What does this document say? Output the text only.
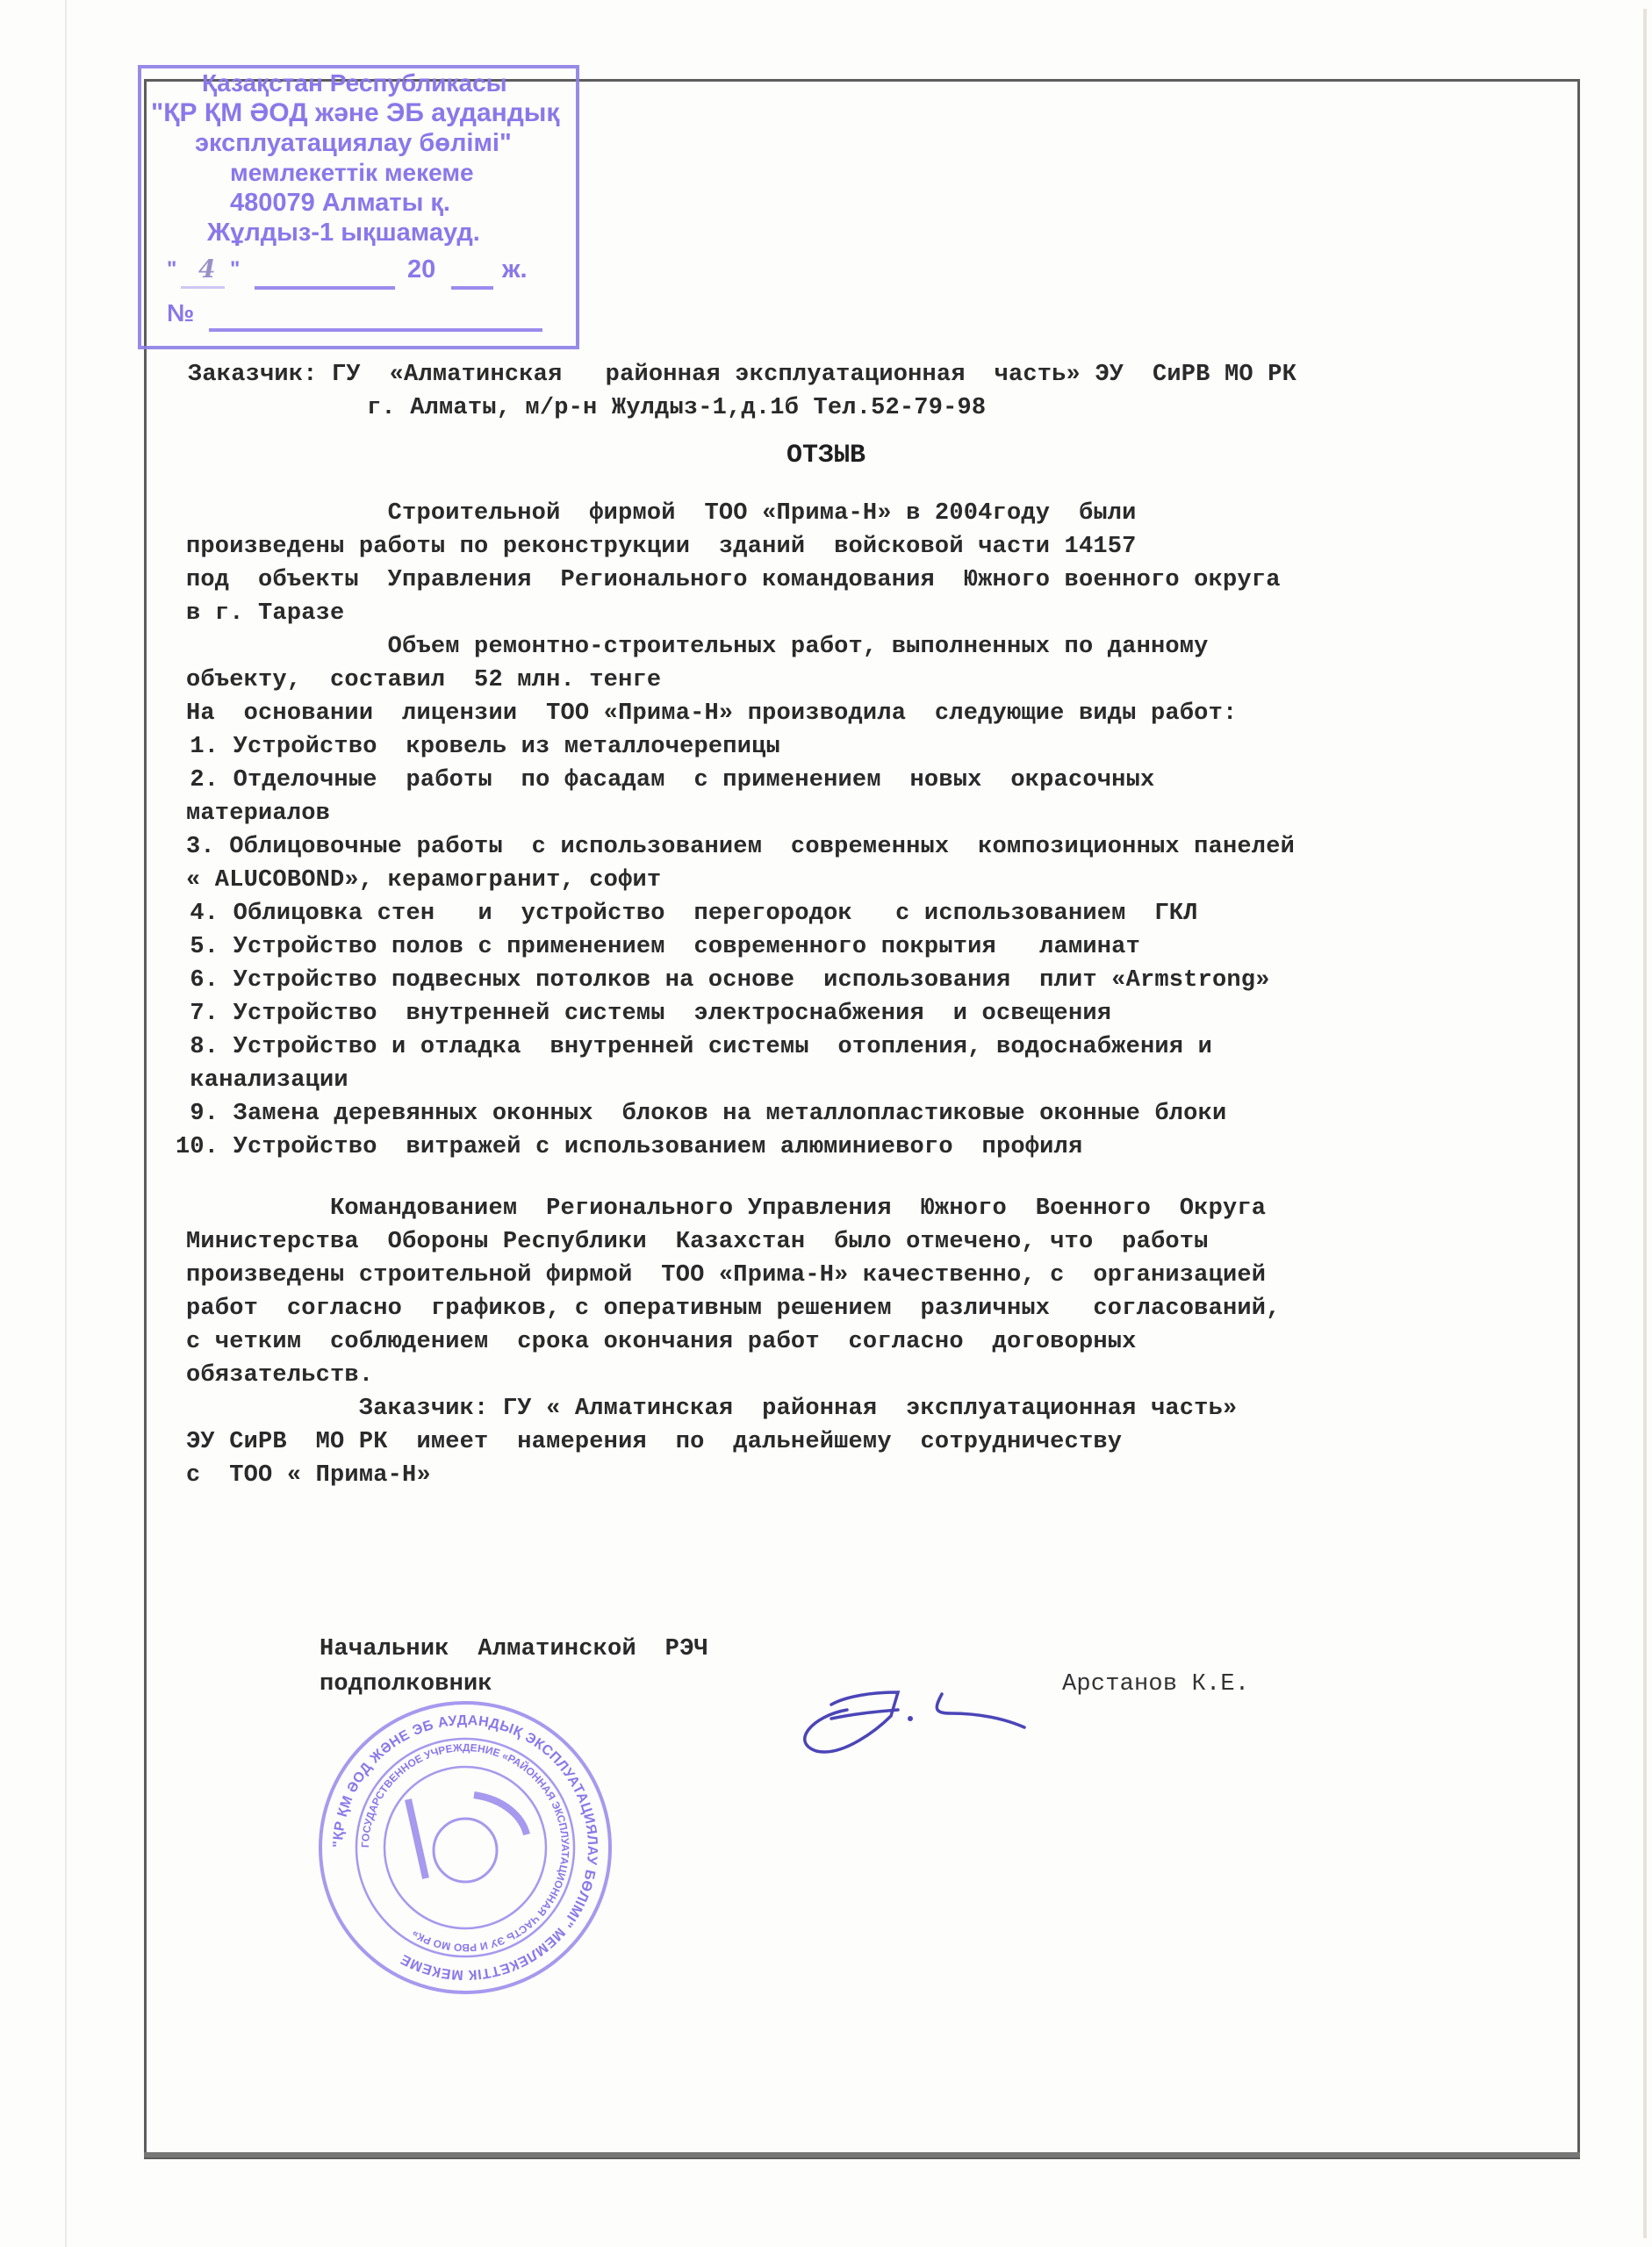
Қазақстан Республикасы
"ҚР ҚМ ӘОД және ЭБ аудандық
эксплуатациялау бөлімі"
мемлекеттік мекеме
480079 Алматы қ.
Жұлдыз-1 ықшамауд.
" 4 "	20	ж.
№
Заказчик: ГУ  «Алматинская   районная эксплуатационная  часть» ЭУ  СиРВ МО РК
г. Алматы, м/р-н Жулдыз-1,д.1б Тел.52-79-98
ОТЗЫВ
Строительной  фирмой  ТОО «Прима-Н» в 2004году  были
произведены работы по реконструкции  зданий  войсковой части 14157
под  объекты  Управления  Регионального командования  Южного военного округа
в г. Таразе
Объем ремонтно-строительных работ, выполненных по данному
объекту,  составил  52 млн. тенге
На  основании  лицензии  ТОО «Прима-Н» производила  следующие виды работ:
1. Устройство  кровель из металлочерепицы
2. Отделочные  работы  по фасадам  с применением  новых  окрасочных
материалов
3. Облицовочные работы  с использованием  современных  композиционных панелей
« ALUCOBOND», керамогранит, софит
4. Облицовка стен   и  устройство  перегородок   с использованием  ГКЛ
5. Устройство полов с применением  современного покрытия   ламинат
6. Устройство подвесных потолков на основе  использования  плит «Armstrong»
7. Устройство  внутренней системы  электроснабжения  и освещения
8. Устройство и отладка  внутренней системы  отопления, водоснабжения и
канализации
9. Замена деревянных оконных  блоков на металлопластиковые оконные блоки
10. Устройство  витражей с использованием алюминиевого  профиля
Командованием  Регионального Управления  Южного  Военного  Округа
Министерства  Обороны Республики  Казахстан  было отмечено, что  работы
произведены строительной фирмой  ТОО «Прима-Н» качественно, с  организацией
работ  согласно  графиков, с оперативным решением  различных   согласований,
с четким  соблюдением  срока окончания работ  согласно  договорных
обязательств.
Заказчик: ГУ « Алматинская  районная  эксплуатационная часть»
ЭУ СиРВ  МО РК  имеет  намерения  по  дальнейшему  сотрудничеству
с  ТОО « Прима-Н»
Начальник  Алматинской  РЭЧ
подполковник	Арстанов К.Е.
"ҚР ҚМ ӘОД ЖӘНЕ ЭБ АУДАНДЫҚ ЭКСПЛУАТАЦИЯЛАУ БӨЛІМІ" МЕМЛЕКЕТТІК МЕКЕМЕ
ГОСУДАРСТВЕННОЕ УЧРЕЖДЕНИЕ «РАЙОННАЯ ЭКСПЛУАТАЦИОННАЯ ЧАСТЬ ЭУ И РВО МО РК»
